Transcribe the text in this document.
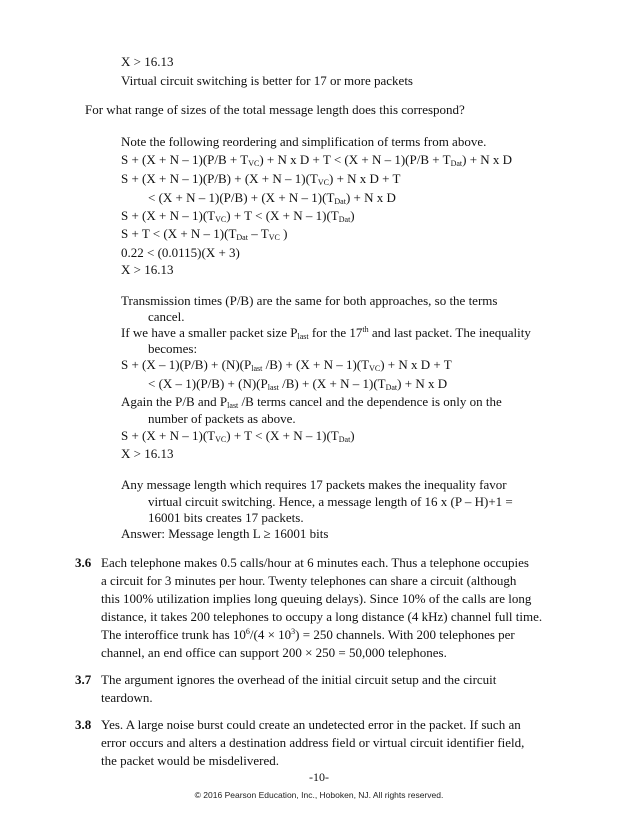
X > 16.13
Virtual circuit switching is better for 17 or more packets
For what range of sizes of the total message length does this correspond?
Note the following reordering and simplification of terms from above.
$S + (X + N - 1)(P/B + T_{VC}) + N$ x $D + T < (X + N - 1)(P/B + T_{Dat}) + N$ x D
$S + (X + N - 1)(P/B) + (X + N - 1)(T_{VC}) + N$ x D + T
< $(X + N - 1)(P/B) + (X + N - 1)(T_{Dat}) + N$ x D
$S + (X + N - 1)(T_{VC}) + T < (X + N - 1)(T_{Dat})$
$S + T < (X + N - 1)(T_{Dat} - T_{VC}$ )
0.22 < (0.0115)(X + 3)
X > 16.13
Transmission times (P/B) are the same for both approaches, so the terms
cancel.
If we have a smaller packet size $P_{last}$ for the 17th and last packet. The inequality
becomes:
$S + (X - 1)(P/B) + (N)(P_{last}$ $/B) + (X + N - 1)(T_{VC}) + N$ x D + T
< $(X - 1)(P/B) + (N)(P_{last}$ $/B) + (X + N - 1)(T_{Dat}) + N$ x D
Again the P/B and $P_{last}$ /B terms cancel and the dependence is only on the
number of packets as above.
$S + (X + N - 1)(T_{VC}) + T < (X + N - 1)(T_{Dat})$
X > 16.13
Any message length which requires 17 packets makes the inequality favor
virtual circuit switching. Hence, a message length of 16 x (P – H)+1 =
16001 bits creates 17 packets.
Answer: Message length L ≥ 16001 bits
3.6 Each telephone makes 0.5 calls/hour at 6 minutes each. Thus a telephone occupies
a circuit for 3 minutes per hour. Twenty telephones can share a circuit (although
this 100% utilization implies long queuing delays). Since 10% of the calls are long
distance, it takes 200 telephones to occupy a long distance (4 kHz) channel full time.
The interoffice trunk has $10^6/(4 \times 10^3) = 250$ channels. With 200 telephones per
channel, an end office can support 200 × 250 = 50,000 telephones.
3.7 The argument ignores the overhead of the initial circuit setup and the circuit
teardown.
3.8 Yes. A large noise burst could create an undetected error in the packet. If such an
error occurs and alters a destination address field or virtual circuit identifier field,
the packet would be misdelivered.
-10-
© 2016 Pearson Education, Inc., Hoboken, NJ. All rights reserved.
